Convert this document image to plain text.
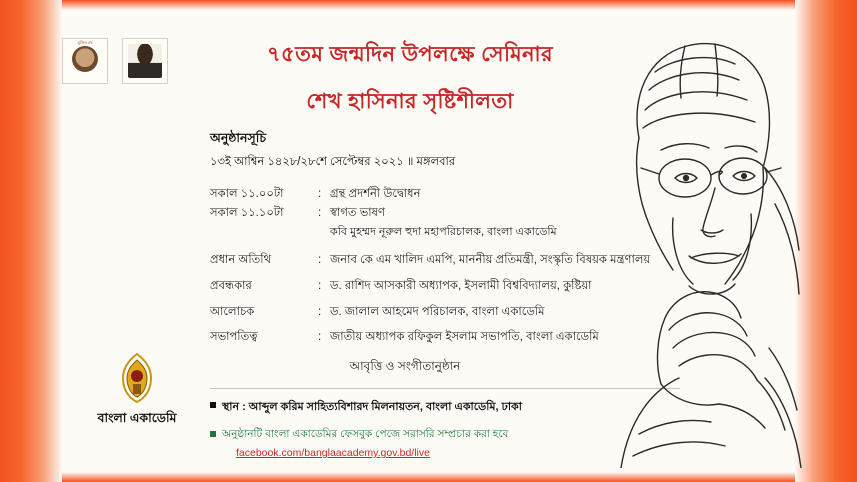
মুজিব বর্ষ
৭৫তম জন্মদিন উপলক্ষে সেমিনার
শেখ হাসিনার সৃষ্টিশীলতা
অনুষ্ঠানসূচি
১৩ই আশ্বিন ১৪২৮/২৮শে সেপ্টেম্বর ২০২১ ॥ মঙ্গলবার
সকাল ১১.০০টা	: গ্রন্থ প্রদর্শনী উদ্বোধন
সকাল ১১.১০টা	: স্বাগত ভাষণ
কবি মুহম্মদ নূরুল হুদা মহাপরিচালক, বাংলা একাডেমি
প্রধান অতিথি	: জনাব কে এম খালিদ এমপি, মাননীয় প্রতিমন্ত্রী, সংস্কৃতি বিষয়ক মন্ত্রণালয়
প্রবন্ধকার	: ড. রাশিদ আসকারী অধ্যাপক, ইসলামী বিশ্ববিদ্যালয়, কুষ্টিয়া
আলোচক	: ড. জালাল আহমেদ পরিচালক, বাংলা একাডেমি
সভাপতিত্ব	: জাতীয় অধ্যাপক রফিকুল ইসলাম সভাপতি, বাংলা একাডেমি
আবৃত্তি ও সংগীতানুষ্ঠান
স্থান : আব্দুল করিম সাহিত্যবিশারদ মিলনায়তন, বাংলা একাডেমি, ঢাকা
অনুষ্ঠানটি বাংলা একাডেমির ফেসবুক পেজে সরাসরি সম্প্রচার করা হবে
facebook.com/banglaacademy.gov.bd/live
বাংলা একাডেমি
